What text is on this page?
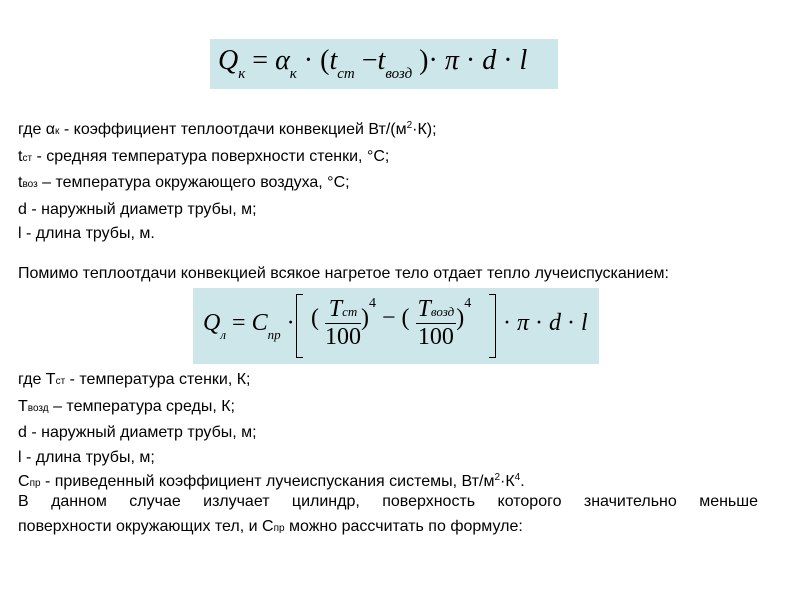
$Q_к = \alpha_к \cdot (t_{ст} -t_{возд}$ )· π · d · l
где αк - коэффициент теплоотдачи конвекцией $Вт/(м^2\cdot К)$;
tст - средняя температура поверхности стенки, °С;
tвоз – температура окружающего воздуха, °С;
d - наружный диаметр трубы, м;
l - длина трубы, м.
Помимо теплоотдачи конвекцией всякое нагретое тело отдает тепло лучеиспусканием:
$Q_л = C_{пр}$ · ( $\frac{\text{Tст}}{100} )^4$ − ( $\frac{\text{Tвозд}}{100} )^4$
· π · d · l
где Tст - температура стенки, К;
Tвозд – температура среды, К;
d - наружный диаметр трубы, м;
l - длина трубы, м;
Cпр - приведенный коэффициент лучеиспускания системы, $Вт/м^2\cdot К^4$.
В данном случае излучает цилиндр, поверхность которого значительно меньше
поверхности окружающих тел, и Спр можно рассчитать по формуле:
